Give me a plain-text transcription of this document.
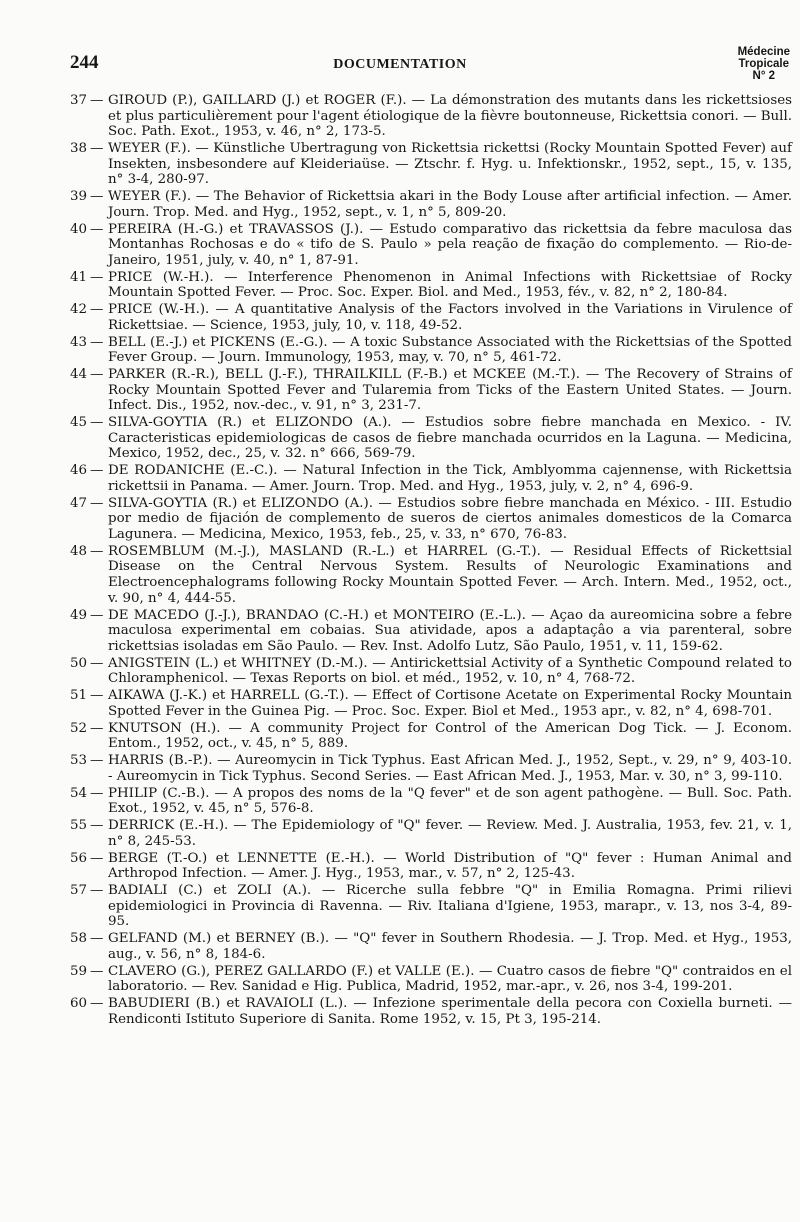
244	DOCUMENTATION
Médecine
Tropicale
N° 2
37 — GIROUD (P.), GAILLARD (J.) et ROGER (F.). — La démonstration des mutants dans les rickettsioses et plus particulièrement pour l'agent étiologique de la fièvre boutonneuse, Rickettsia conori. — Bull. Soc. Path. Exot., 1953, v. 46, n° 2, 173-5.
38 — WEYER (F.). — Künstliche Ubertragung von Rickettsia rickettsi (Rocky Mountain Spotted Fever) auf Insekten, insbesondere auf Kleideriaüse. — Ztschr. f. Hyg. u. Infektionskr., 1952, sept., 15, v. 135, n° 3-4, 280-97.
39 — WEYER (F.). — The Behavior of Rickettsia akari in the Body Louse after artificial infection. — Amer. Journ. Trop. Med. and Hyg., 1952, sept., v. 1, n° 5, 809-20.
40 — PEREIRA (H.-G.) et TRAVASSOS (J.). — Estudo comparativo das rickettsia da febre maculosa das Montanhas Rochosas e do « tifo de S. Paulo » pela reação de fixação do complemento. — Rio-de-Janeiro, 1951, july, v. 40, n° 1, 87-91.
41 — PRICE (W.-H.). — Interference Phenomenon in Animal Infections with Rickettsiae of Rocky Mountain Spotted Fever. — Proc. Soc. Exper. Biol. and Med., 1953, fév., v. 82, n° 2, 180-84.
42 — PRICE (W.-H.). — A quantitative Analysis of the Factors involved in the Variations in Virulence of Rickettsiae. — Science, 1953, july, 10, v. 118, 49-52.
43 — BELL (E.-J.) et PICKENS (E.-G.). — A toxic Substance Associated with the Rickettsias of the Spotted Fever Group. — Journ. Immunology, 1953, may, v. 70, n° 5, 461-72.
44 — PARKER (R.-R.), BELL (J.-F.), THRAILKILL (F.-B.) et MCKEE (M.-T.). — The Recovery of Strains of Rocky Mountain Spotted Fever and Tularemia from Ticks of the Eastern United States. — Journ. Infect. Dis., 1952, nov.-dec., v. 91, n° 3, 231-7.
45 — SILVA-GOYTIA (R.) et ELIZONDO (A.). — Estudios sobre fiebre manchada en Mexico. - IV. Caracteristicas epidemiologicas de casos de fiebre manchada ocurridos en la Laguna. — Medicina, Mexico, 1952, dec., 25, v. 32. n° 666, 569-79.
46 — DE RODANICHE (E.-C.). — Natural Infection in the Tick, Amblyomma cajennense, with Rickettsia rickettsii in Panama. — Amer. Journ. Trop. Med. and Hyg., 1953, july, v. 2, n° 4, 696-9.
47 — SILVA-GOYTIA (R.) et ELIZONDO (A.). — Estudios sobre fiebre manchada en México. - III. Estudio por medio de fijación de complemento de sueros de ciertos animales domesticos de la Comarca Lagunera. — Medicina, Mexico, 1953, feb., 25, v. 33, n° 670, 76-83.
48 — ROSEMBLUM (M.-J.), MASLAND (R.-L.) et HARREL (G.-T.). — Residual Effects of Rickettsial Disease on the Central Nervous System. Results of Neurologic Examinations and Electroencephalograms following Rocky Mountain Spotted Fever. — Arch. Intern. Med., 1952, oct., v. 90, n° 4, 444-55.
49 — DE MACEDO (J.-J.), BRANDAO (C.-H.) et MONTEIRO (E.-L.). — Açao da aureomicina sobre a febre maculosa experimental em cobaias. Sua atividade, apos a adaptaçâo a via parenteral, sobre rickettsias isoladas em São Paulo. — Rev. Inst. Adolfo Lutz, São Paulo, 1951, v. 11, 159-62.
50 — ANIGSTEIN (L.) et WHITNEY (D.-M.). — Antirickettsial Activity of a Synthetic Compound related to Chloramphenicol. — Texas Reports on biol. et méd., 1952, v. 10, n° 4, 768-72.
51 — AIKAWA (J.-K.) et HARRELL (G.-T.). — Effect of Cortisone Acetate on Experimental Rocky Mountain Spotted Fever in the Guinea Pig. — Proc. Soc. Exper. Biol et Med., 1953 apr., v. 82, n° 4, 698-701.
52 — KNUTSON (H.). — A community Project for Control of the American Dog Tick. — J. Econom. Entom., 1952, oct., v. 45, n° 5, 889.
53 — HARRIS (B.-P.). — Aureomycin in Tick Typhus. East African Med. J., 1952, Sept., v. 29, n° 9, 403-10. - Aureomycin in Tick Typhus. Second Series. — East African Med. J., 1953, Mar. v. 30, n° 3, 99-110.
54 — PHILIP (C.-B.). — A propos des noms de la "Q fever" et de son agent pathogène. — Bull. Soc. Path. Exot., 1952, v. 45, n° 5, 576-8.
55 — DERRICK (E.-H.). — The Epidemiology of "Q" fever. — Review. Med. J. Australia, 1953, fev. 21, v. 1, n° 8, 245-53.
56 — BERGE (T.-O.) et LENNETTE (E.-H.). — World Distribution of "Q" fever : Human Animal and Arthropod Infection. — Amer. J. Hyg., 1953, mar., v. 57, n° 2, 125-43.
57 — BADIALI (C.) et ZOLI (A.). — Ricerche sulla febbre "Q" in Emilia Romagna. Primi rilievi epidemiologici in Provincia di Ravenna. — Riv. Italiana d'Igiene, 1953, marapr., v. 13, nos 3-4, 89-95.
58 — GELFAND (M.) et BERNEY (B.). — "Q" fever in Southern Rhodesia. — J. Trop. Med. et Hyg., 1953, aug., v. 56, n° 8, 184-6.
59 — CLAVERO (G.), PEREZ GALLARDO (F.) et VALLE (E.). — Cuatro casos de fiebre "Q" contraidos en el laboratorio. — Rev. Sanidad e Hig. Publica, Madrid, 1952, mar.-apr., v. 26, nos 3-4, 199-201.
60 — BABUDIERI (B.) et RAVAIOLI (L.). — Infezione sperimentale della pecora con Coxiella burneti. — Rendiconti Istituto Superiore di Sanita. Rome 1952, v. 15, Pt 3, 195-214.
